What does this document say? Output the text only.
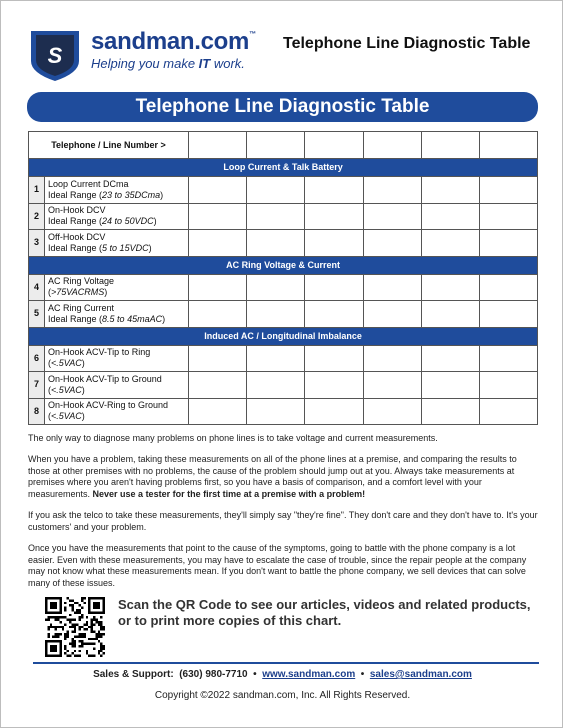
S
sandman.com™
Helping you make IT work.
Telephone Line Diagnostic Table
Telephone Line Diagnostic Table
Telephone / Line Number >							
Loop Current & Talk Battery							
1	Loop Current DCma
Ideal Range (23 to 35DCma)						

2	On-Hook DCV
Ideal Range (24 to 50VDC)						

3	Off-Hook DCV
Ideal Range (5 to 15VDC)						

AC Ring Voltage & Current							
4	AC Ring Voltage
(>75VACRMS)						

5	AC Ring Current
Ideal Range (8.5 to 45maAC)						

Induced AC / Longitudinal Imbalance							
6	On-Hook ACV-Tip to Ring
(<.5VAC)						

7	On-Hook ACV-Tip to Ground
(<.5VAC)						

8	On-Hook ACV-Ring to Ground
(<.5VAC)						

The only way to diagnose many problems on phone lines is to take voltage and current measurements.
When you have a problem, taking these measurements on all of the phone lines at a premise, and comparing the results to those at other premises with no problems, the cause of the problem should jump out at you. Always take measurements at premises where you aren't having problems first, so you have a basis of comparison, and a comfort level with your measurements. Never use a tester for the first time at a premise with a problem!
If you ask the telco to take these measurements, they'll simply say "they're fine". They don't care and they don't have to. It's your customers' and your problem.
Once you have the measurements that point to the cause of the symptoms, going to battle with the phone company is a lot easier. Even with these measurements, you may have to escalate the case of trouble, since the repair people at the company may not know what these measurements mean. If you don't want to battle the phone company, we sell devices that can solve many of these issues.
Scan the QR Code to see our articles, videos and related products, or to print more copies of this chart.
Sales & Support: (630) 980-7710 • www.sandman.com • sales@sandman.com
Copyright ©2022 sandman.com, Inc. All Rights Reserved.
